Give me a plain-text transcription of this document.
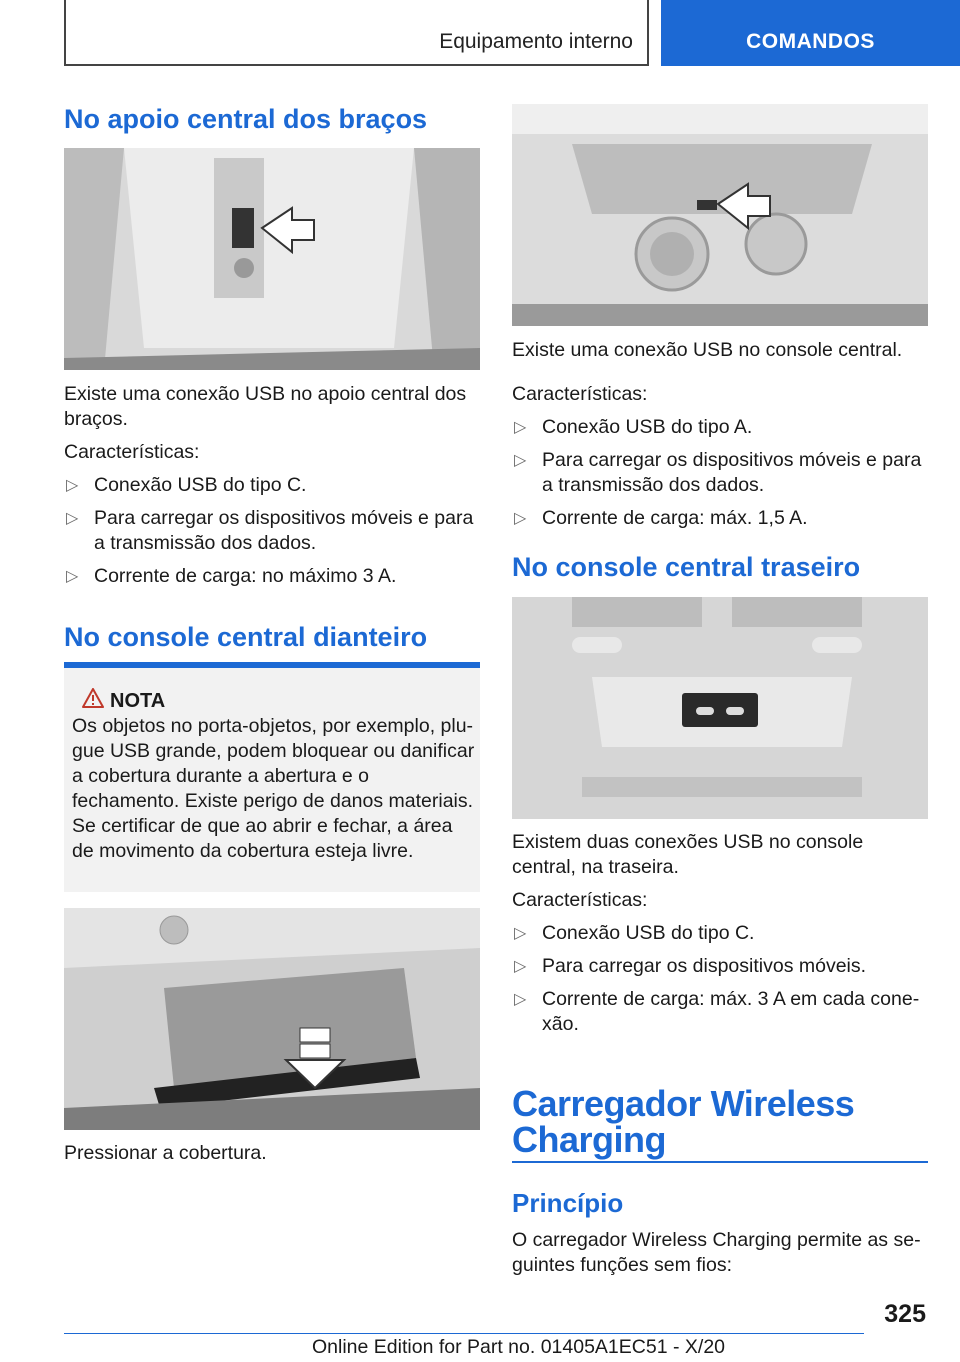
Equipamento interno	COMANDOS
No apoio central dos braços
Existe uma conexão USB no apoio central dos braços.
Características:
▷ Conexão USB do tipo C.
▷ Para carregar os dispositivos móveis e para a transmissão dos dados.
▷ Corrente de carga: no máximo 3 A.
No console central dianteiro
NOTA
Os objetos no porta-objetos, por exemplo, plu-gue USB grande, podem bloquear ou danificar a cobertura durante a abertura e o fechamento. Existe perigo de danos materiais. Se certificar de que ao abrir e fechar, a área de movimento da cobertura esteja livre.
Pressionar a cobertura.
Existe uma conexão USB no console central.
Características:
▷ Conexão USB do tipo A.
▷ Para carregar os dispositivos móveis e para a transmissão dos dados.
▷ Corrente de carga: máx. 1,5 A.
No console central traseiro
Existem duas conexões USB no console central, na traseira.
Características:
▷ Conexão USB do tipo C.
▷ Para carregar os dispositivos móveis.
▷ Corrente de carga: máx. 3 A em cada cone-xão.
Carregador Wireless
Charging
Princípio
O carregador Wireless Charging permite as se-guintes funções sem fios:
325
Online Edition for Part no. 01405A1EC51 - X/20
